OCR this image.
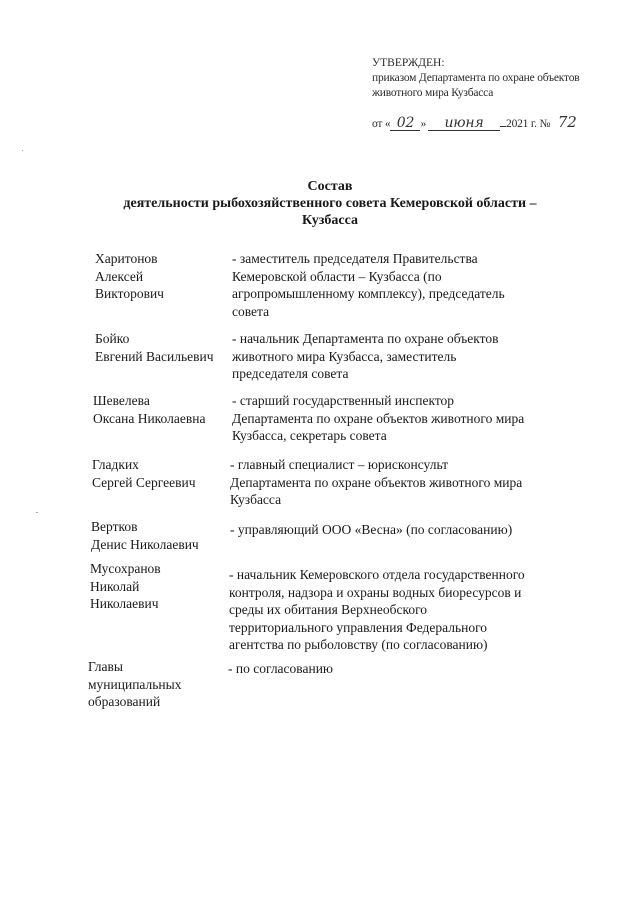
УТВЕРЖДЕН:
приказом Департамента по охране объектов
животного мира Кузбасса
от « 02 »	июня	2021 г. № 72
Состав
деятельности рыбохозяйственного совета Кемеровской области –
Кузбасса
Харитонов
Алексей
Викторович
- заместитель председателя Правительства
Кемеровской области – Кузбасса (по
агропромышленному комплексу), председатель
совета
Бойко
Евгений Васильевич
- начальник Департамента по охране объектов
животного мира Кузбасса, заместитель
председателя совета
Шевелева
Оксана Николаевна
- старший государственный инспектор
Департамента по охране объектов животного мира
Кузбасса, секретарь совета
Гладких
Сергей Сергеевич
- главный специалист – юрисконсульт
Департамента по охране объектов животного мира
Кузбасса
Вертков
Денис Николаевич
- управляющий ООО «Весна» (по согласованию)
Мусохранов
Николай
Николаевич
- начальник Кемеровского отдела государственного
контроля, надзора и охраны водных биоресурсов и
среды их обитания Верхнеобского
территориального управления Федерального
агентства по рыболовству (по согласованию)
Главы
муниципальных
образований
- по согласованию
